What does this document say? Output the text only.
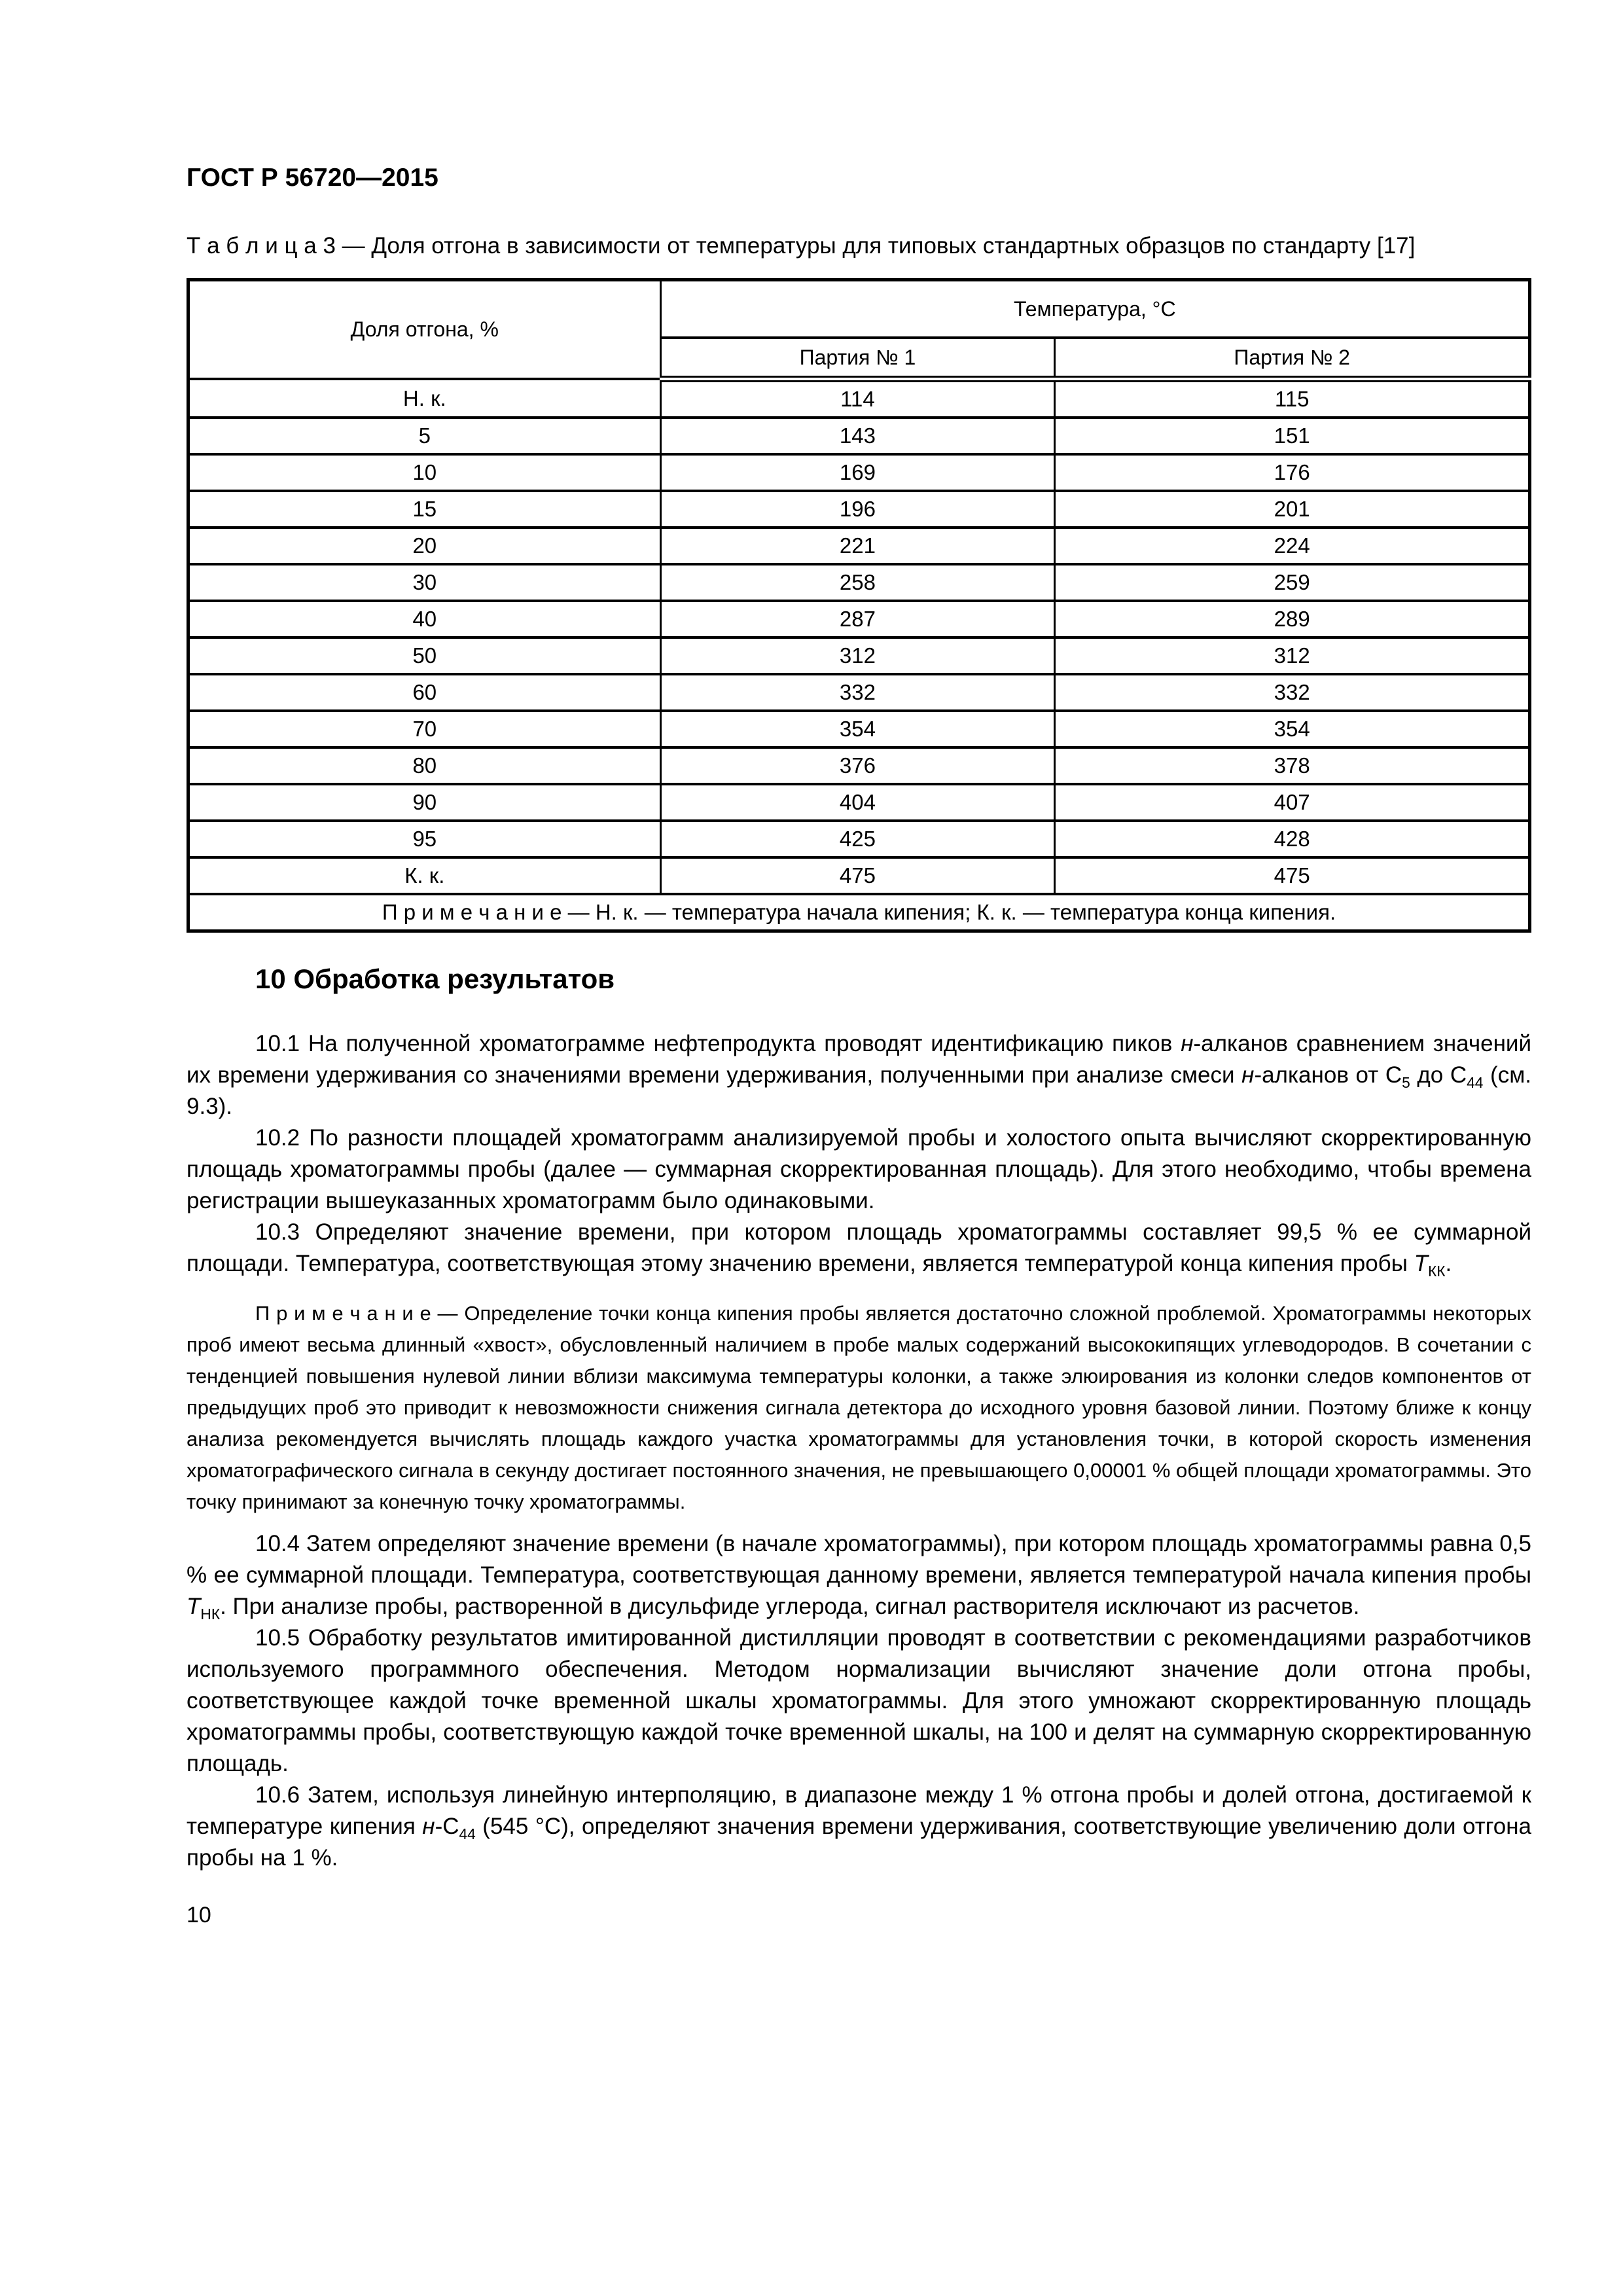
ГОСТ Р 56720—2015

Т а б л и ц а 3 — Доля отгона в зависимости от температуры для типовых стандартных образцов по стандарту [17]

Доля отгона, %	Температура, °С	
	Партия № 1	Партия № 2
Н. к.	114	115
5	143	151
10	169	176
15	196	201
20	221	224
30	258	259
40	287	289
50	312	312
60	332	332
70	354	354
80	376	378
90	404	407
95	425	428
К. к.	475	475
П р и м е ч а н и е — Н. к. — температура начала кипения; К. к. — температура конца кипения.		
10 Обработка результатов

10.1 На полученной хроматограмме нефтепродукта проводят идентификацию пиков н-алканов сравнением значений их времени удерживания со значениями времени удерживания, полученными при анализе смеси н-алканов от $С_5$ до $С_{44}$ (см. 9.3).

10.2 По разности площадей хроматограмм анализируемой пробы и холостого опыта вычисляют скорректированную площадь хроматограммы пробы (далее — суммарная скорректированная площадь). Для этого необходимо, чтобы времена регистрации вышеуказанных хроматограмм было одинаковыми.

10.3 Определяют значение времени, при котором площадь хроматограммы составляет 99,5 % ее суммарной площади. Температура, соответствующая этому значению времени, является температурой конца кипения пробы $Т_{КК}$.

П р и м е ч а н и е — Определение точки конца кипения пробы является достаточно сложной проблемой. Хроматограммы некоторых проб имеют весьма длинный «хвост», обусловленный наличием в пробе малых содержаний высококипящих углеводородов. В сочетании с тенденцией повышения нулевой линии вблизи максимума температуры колонки, а также элюирования из колонки следов компонентов от предыдущих проб это приводит к невозможности снижения сигнала детектора до исходного уровня базовой линии. Поэтому ближе к концу анализа рекомендуется вычислять площадь каждого участка хроматограммы для установления точки, в которой скорость изменения хроматографического сигнала в секунду достигает постоянного значения, не превышающего 0,00001 % общей площади хроматограммы. Это точку принимают за конечную точку хроматограммы.

10.4 Затем определяют значение времени (в начале хроматограммы), при котором площадь хроматограммы равна 0,5 % ее суммарной площади. Температура, соответствующая данному времени, является температурой начала кипения пробы $Т_{НК}$. При анализе пробы, растворенной в дисульфиде углерода, сигнал растворителя исключают из расчетов.

10.5 Обработку результатов имитированной дистилляции проводят в соответствии с рекомендациями разработчиков используемого программного обеспечения. Методом нормализации вычисляют значение доли отгона пробы, соответствующее каждой точке временной шкалы хроматограммы. Для этого умножают скорректированную площадь хроматограммы пробы, соответствующую каждой точке временной шкалы, на 100 и делят на суммарную скорректированную площадь.

10.6 Затем, используя линейную интерполяцию, в диапазоне между 1 % отгона пробы и долей отгона, достигаемой к температуре кипения $н-С_{44}$ (545 °С), определяют значения времени удерживания, соответствующие увеличению доли отгона пробы на 1 %.

10
